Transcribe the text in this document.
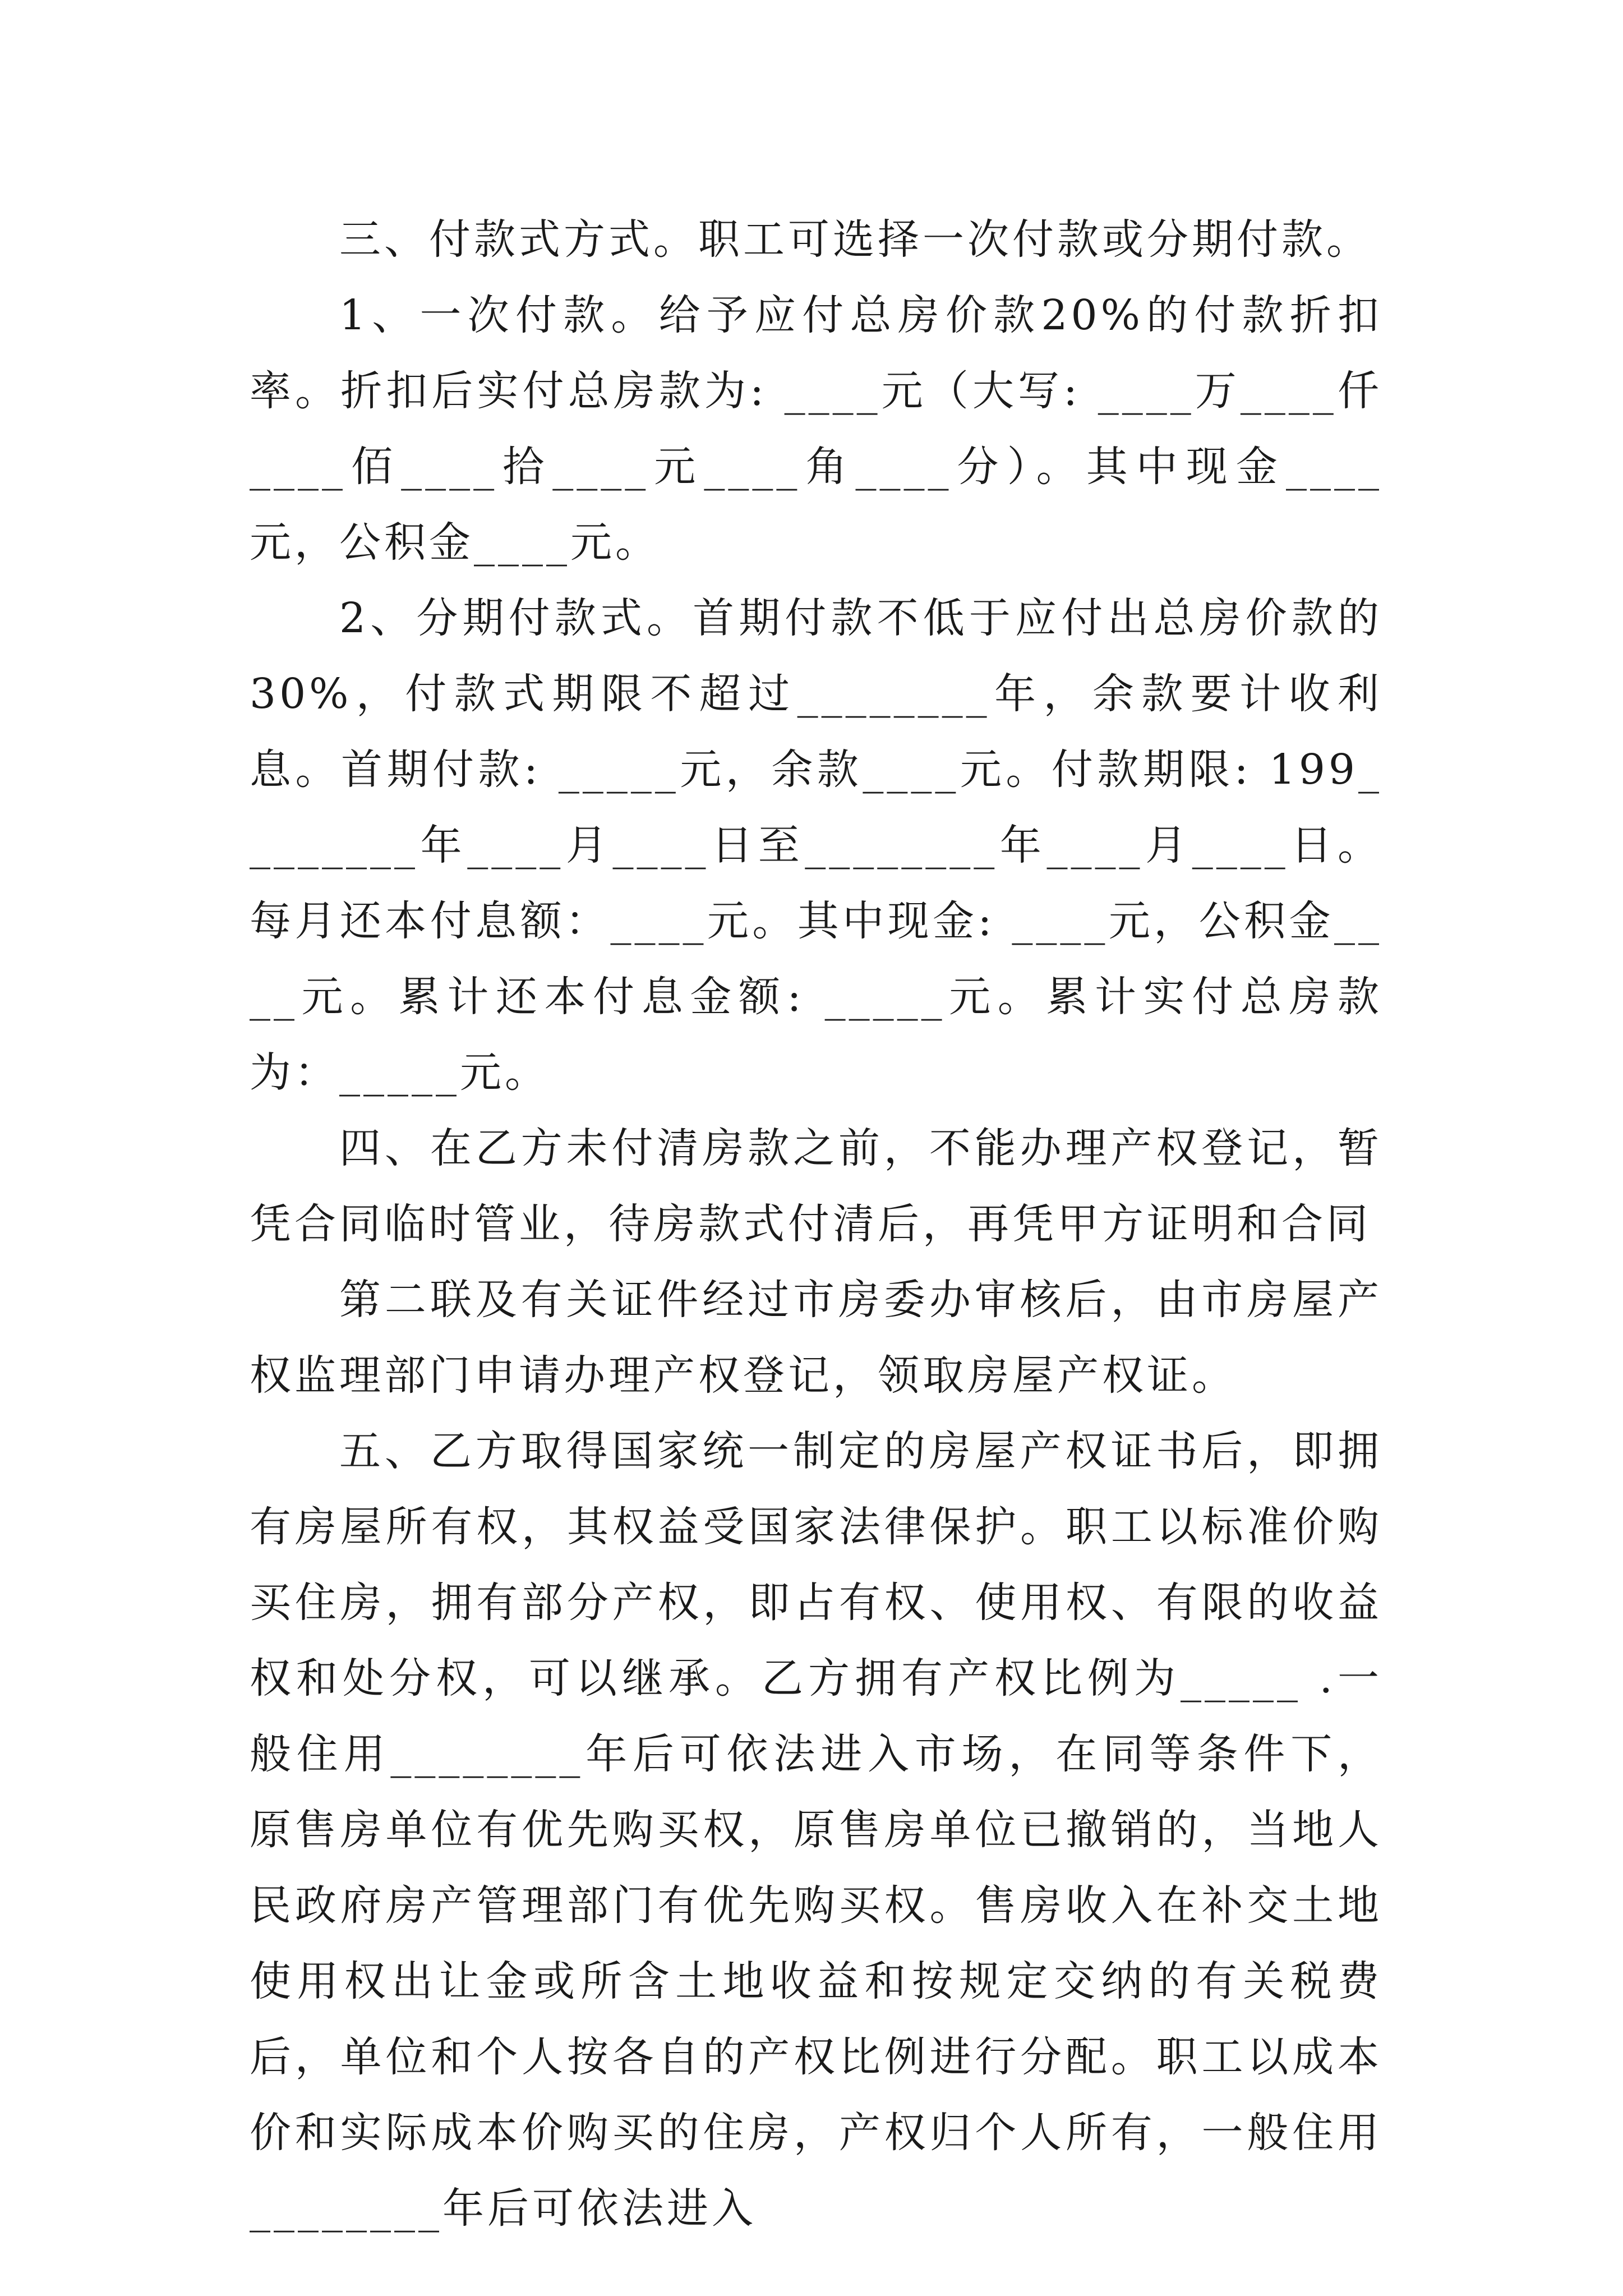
三、付款式方式。职工可选择一次付款或分期付款。

1、一次付款。给予应付总房价款20%的付款折扣率。折扣后实付总房款为: ____元（大写: ____万____仟____佰____拾____元____角____分）。其中现金____元，公积金____元。

2、分期付款式。首期付款不低于应付出总房价款的30%，付款式期限不超过________年，余款要计收利息。首期付款: _____元，余款____元。付款期限: 199________年____月____日至________年____月____日。每月还本付息额：____元。其中现金: ____元，公积金____元。累计还本付息金额: _____元。累计实付总房款为：_____元。

四、在乙方未付清房款之前，不能办理产权登记，暂凭合同临时管业，待房款式付清后，再凭甲方证明和合同

第二联及有关证件经过市房委办审核后，由市房屋产权监理部门申请办理产权登记，领取房屋产权证。

五、乙方取得国家统一制定的房屋产权证书后，即拥有房屋所有权，其权益受国家法律保护。职工以标准价购买住房，拥有部分产权，即占有权、使用权、有限的收益权和处分权，可以继承。乙方拥有产权比例为_____ .一般住用________年后可依法进入市场，在同等条件下，原售房单位有优先购买权，原售房单位已撤销的，当地人民政府房产管理部门有优先购买权。售房收入在补交土地使用权出让金或所含土地收益和按规定交纳的有关税费后，单位和个人按各自的产权比例进行分配。职工以成本价和实际成本价购买的住房，产权归个人所有，一般住用________年后可依法进入
